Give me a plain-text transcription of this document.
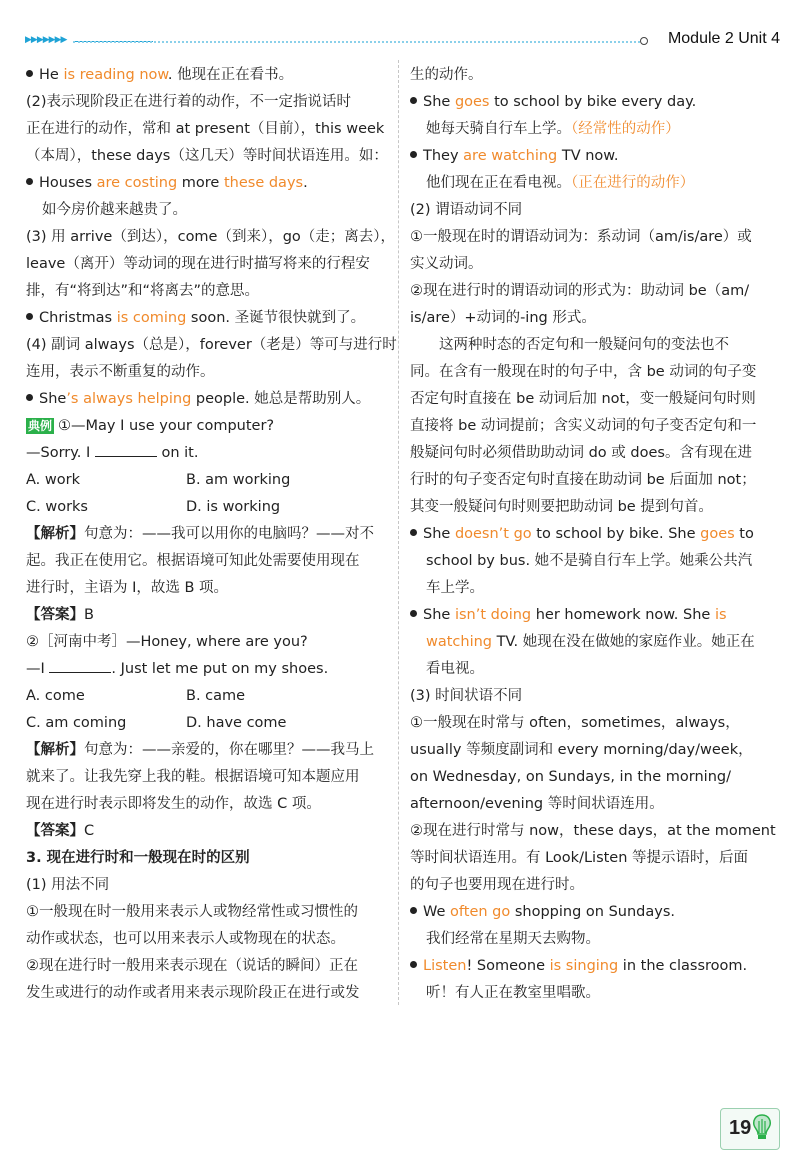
▶▶▶▶▶▶▶	Module 2 Unit 4
He is reading now. 他现在正在看书。
(2)表示现阶段正在进行着的动作，不一定指说话时
正在进行的动作，常和 at present（目前），this week
（本周），these days（这几天）等时间状语连用。如：
Houses are costing more these days.
如今房价越来越贵了。
(3) 用 arrive（到达），come（到来），go（走；离去），
leave（离开）等动词的现在进行时描写将来的行程安
排，有“将到达”和“将离去”的意思。
Christmas is coming soon. 圣诞节很快就到了。
(4) 副词 always（总是），forever（老是）等可与进行时
连用，表示不断重复的动作。
She’s always helping people. 她总是帮助别人。
典例 ①—May I use your computer?
—Sorry. I	on it.
A. work	B. am working
C. works	D. is working
【解析】句意为：——我可以用你的电脑吗？——对不
起。我正在使用它。根据语境可知此处需要使用现在
进行时，主语为 I，故选 B 项。
【答案】B
②［河南中考］—Honey, where are you?
—I	. Just let me put on my shoes.
A. come	B. came
C. am coming	D. have come
【解析】句意为：——亲爱的，你在哪里？——我马上
就来了。让我先穿上我的鞋。根据语境可知本题应用
现在进行时表示即将发生的动作，故选 C 项。
【答案】C
3. 现在进行时和一般现在时的区别
(1) 用法不同
①一般现在时一般用来表示人或物经常性或习惯性的
动作或状态，也可以用来表示人或物现在的状态。
②现在进行时一般用来表示现在（说话的瞬间）正在
发生或进行的动作或者用来表示现阶段正在进行或发
生的动作。
She goes to school by bike every day.
她每天骑自行车上学。（经常性的动作）
They are watching TV now.
他们现在正在看电视。（正在进行的动作）
(2) 谓语动词不同
①一般现在时的谓语动词为：系动词（am/is/are）或
实义动词。
②现在进行时的谓语动词的形式为：助动词 be（am/
is/are）+动词的-ing 形式。
这两种时态的否定句和一般疑问句的变法也不
同。在含有一般现在时的句子中，含 be 动词的句子变
否定句时直接在 be 动词后加 not，变一般疑问句时则
直接将 be 动词提前；含实义动词的句子变否定句和一
般疑问句时必须借助助动词 do 或 does。含有现在进
行时的句子变否定句时直接在助动词 be 后面加 not；
其变一般疑问句时则要把助动词 be 提到句首。
She doesn’t go to school by bike. She goes to
school by bus. 她不是骑自行车上学。她乘公共汽
车上学。
She isn’t doing her homework now. She is
watching TV. 她现在没在做她的家庭作业。她正在
看电视。
(3) 时间状语不同
①一般现在时常与 often，sometimes，always，
usually 等频度副词和 every morning/day/week，
on Wednesday, on Sundays, in the morning/
afternoon/evening 等时间状语连用。
②现在进行时常与 now，these days，at the moment
等时间状语连用。有 Look/Listen 等提示语时，后面
的句子也要用现在进行时。
We often go shopping on Sundays.
我们经常在星期天去购物。
Listen! Someone is singing in the classroom.
听！有人正在教室里唱歌。
19
